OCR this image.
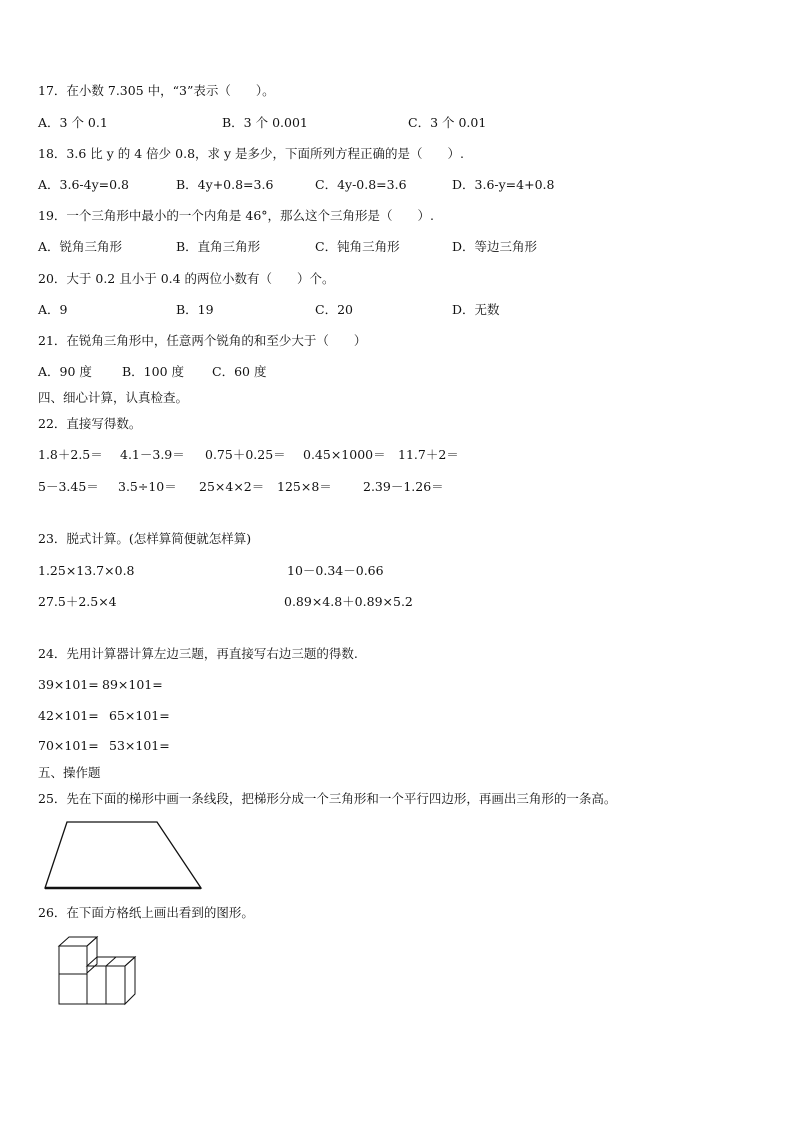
17．在小数 7.305 中，“3”表示（　　）。
A．3 个 0.1	B．3 个 0.001	C．3 个 0.01
18．3.6 比 y 的 4 倍少 0.8，求 y 是多少，下面所列方程正确的是（　　）.
A．3.6-4y=0.8	B．4y+0.8=3.6	C．4y-0.8=3.6	D．3.6-y=4+0.8
19．一个三角形中最小的一个内角是 46°，那么这个三角形是（　　）.
A．锐角三角形	B．直角三角形	C．钝角三角形	D．等边三角形
20．大于 0.2 且小于 0.4 的两位小数有（　　）个。
A．9	B．19	C．20	D．无数
21．在锐角三角形中，任意两个锐角的和至少大于（　　）
A．90 度 B．100 度 C．60 度
四、细心计算，认真检查。
22．直接写得数。
1.8＋2.5＝ 4.1－3.9＝ 0.75＋0.25＝ 0.45×1000＝ 11.7＋2＝
5－3.45＝ 3.5÷10＝ 25×4×2＝ 125×8＝ 2.39－1.26＝
23．脱式计算。(怎样算简便就怎样算)
1.25×13.7×0.8	10－0.34－0.66
27.5＋2.5×4	0.89×4.8＋0.89×5.2
24．先用计算器计算左边三题，再直接写右边三题的得数.
39×101= 89×101=
42×101= 65×101=
70×101= 53×101=
五、操作题
25．先在下面的梯形中画一条线段，把梯形分成一个三角形和一个平行四边形，再画出三角形的一条高。
26．在下面方格纸上画出看到的图形。
